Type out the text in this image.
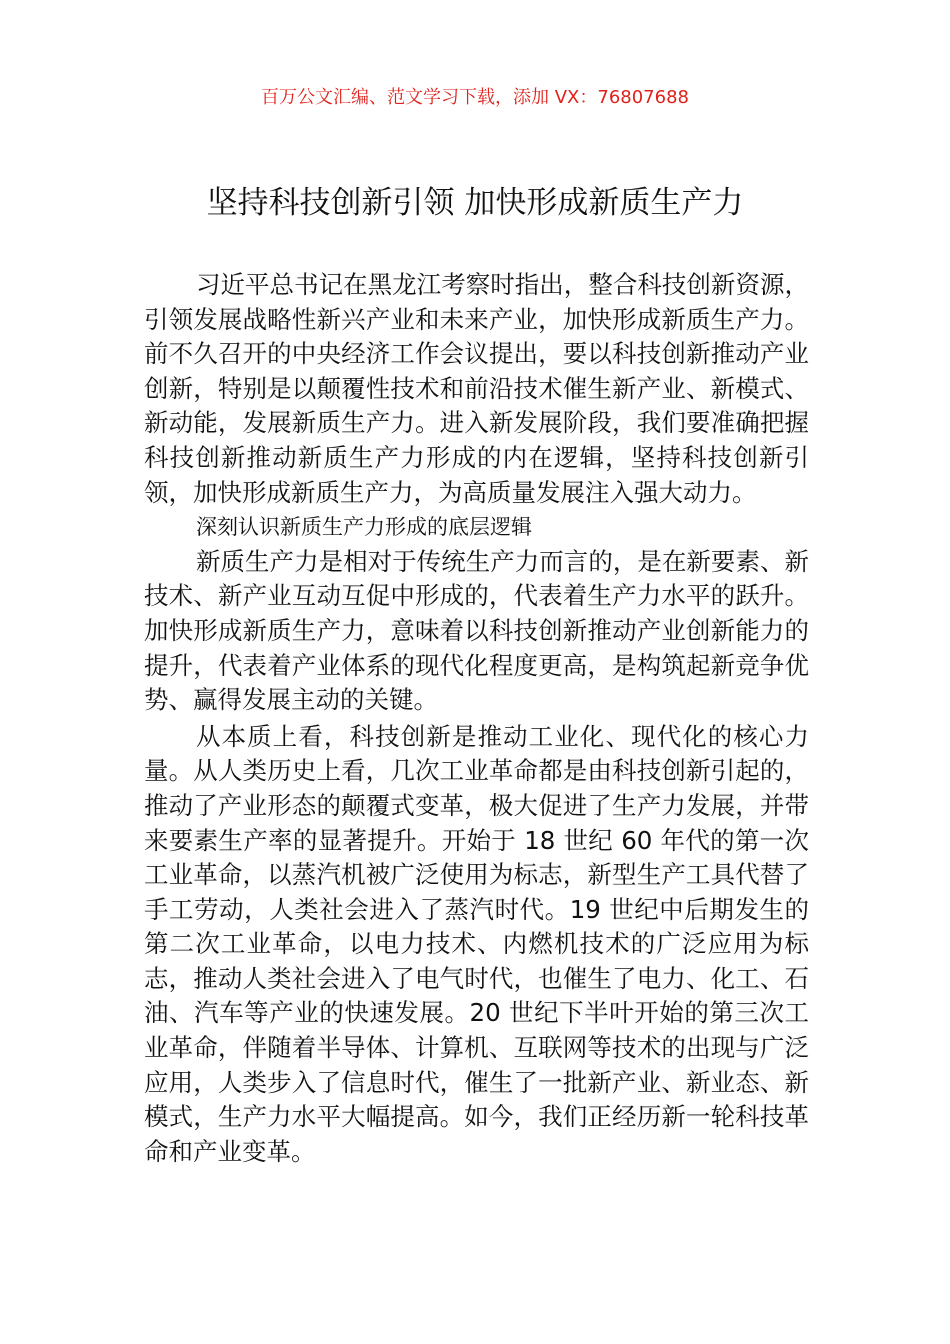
百万公文汇编、范文学习下载，添加 VX：76807688
坚持科技创新引领 加快形成新质生产力

习近平总书记在黑龙江考察时指出，整合科技创新资源，引领发展战略性新兴产业和未来产业，加快形成新质生产力。前不久召开的中央经济工作会议提出，要以科技创新推动产业创新，特别是以颠覆性技术和前沿技术催生新产业、新模式、新动能，发展新质生产力。进入新发展阶段，我们要准确把握科技创新推动新质生产力形成的内在逻辑，坚持科技创新引领，加快形成新质生产力，为高质量发展注入强大动力。

深刻认识新质生产力形成的底层逻辑

新质生产力是相对于传统生产力而言的，是在新要素、新技术、新产业互动互促中形成的，代表着生产力水平的跃升。加快形成新质生产力，意味着以科技创新推动产业创新能力的提升，代表着产业体系的现代化程度更高，是构筑起新竞争优势、赢得发展主动的关键。

从本质上看，科技创新是推动工业化、现代化的核心力量。从人类历史上看，几次工业革命都是由科技创新引起的，推动了产业形态的颠覆式变革，极大促进了生产力发展，并带来要素生产率的显著提升。开始于 18 世纪 60 年代的第一次工业革命，以蒸汽机被广泛使用为标志，新型生产工具代替了手工劳动，人类社会进入了蒸汽时代。19 世纪中后期发生的第二次工业革命，以电力技术、内燃机技术的广泛应用为标志，推动人类社会进入了电气时代，也催生了电力、化工、石油、汽车等产业的快速发展。20 世纪下半叶开始的第三次工业革命，伴随着半导体、计算机、互联网等技术的出现与广泛应用，人类步入了信息时代，催生了一批新产业、新业态、新模式，生产力水平大幅提高。如今，我们正经历新一轮科技革命和产业变革。
